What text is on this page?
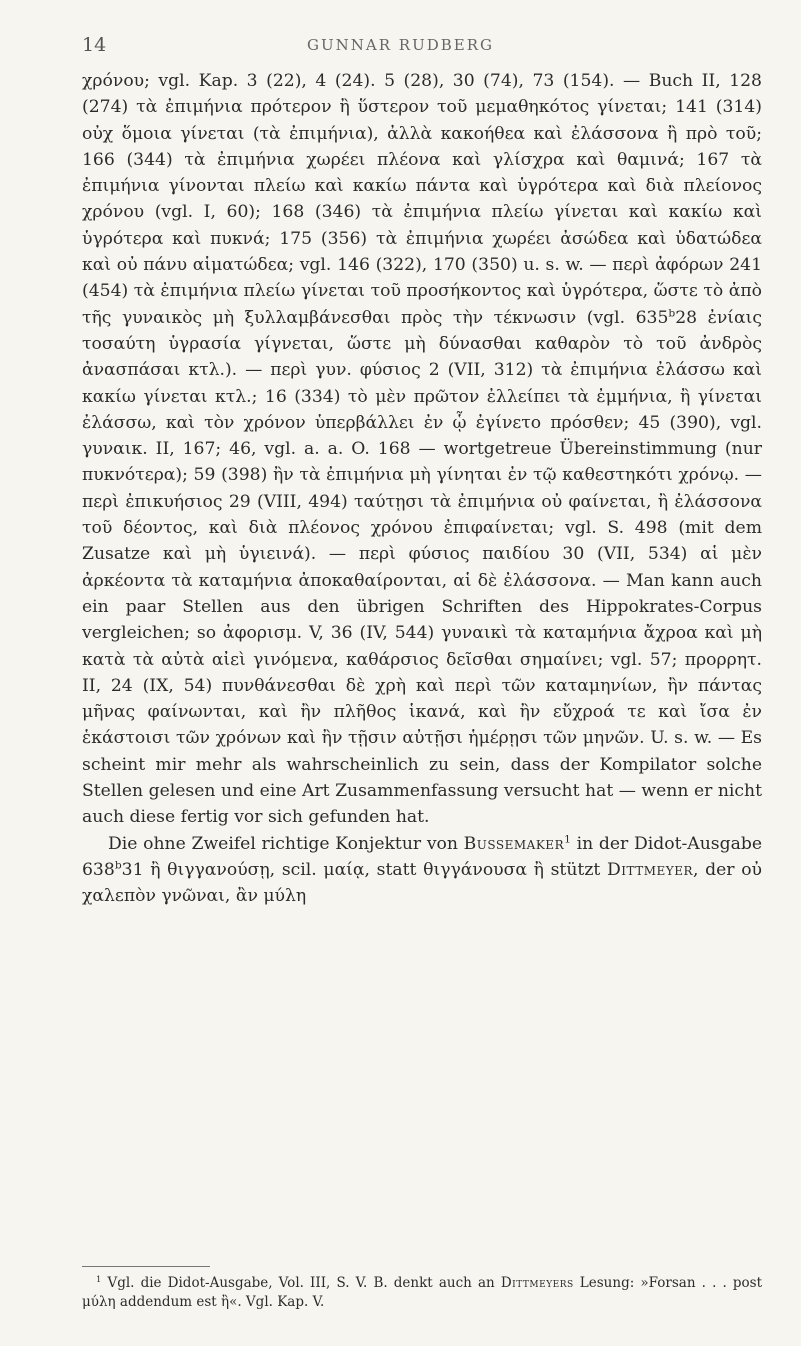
14	GUNNAR RUDBERG

χρόνου; vgl. Kap. 3 (22), 4 (24). 5 (28), 30 (74), 73 (154). — Buch II, 128 (274) τὰ ἐπιμήνια πρότερον ἢ ὕστερον τοῦ μεμαθηκότος γίνεται; 141 (314) οὐχ ὅμοια γίνεται (τὰ ἐπιμήνια), ἀλλὰ κακοήθεα καὶ ἐλάσσονα ἢ πρὸ τοῦ; 166 (344) τὰ ἐπιμήνια χωρέει πλέονα καὶ γλίσχρα καὶ θαμινά; 167 τὰ ἐπιμήνια γίνονται πλείω καὶ κακίω πάντα καὶ ὑγρότερα καὶ διὰ πλείονος χρόνου (vgl. I, 60); 168 (346) τὰ ἐπιμήνια πλείω γίνεται καὶ κακίω καὶ ὑγρότερα καὶ πυκνά; 175 (356) τὰ ἐπιμήνια χωρέει ἀσώδεα καὶ ὑδατώδεα καὶ οὐ πάνυ αἱματώδεα; vgl. 146 (322), 170 (350) u. s. w. — περὶ ἀφόρων 241 (454) τὰ ἐπιμήνια πλείω γίνεται τοῦ προσήκοντος καὶ ὑγρότερα, ὥστε τὸ ἀπὸ τῆς γυναικὸς μὴ ξυλλαμβάνεσθαι πρὸς τὴν τέκνωσιν (vgl. 635$^b$28 ἐνίαις τοσαύτη ὑγρασία γίγνεται, ὥστε μὴ δύνασθαι καθαρὸν τὸ τοῦ ἀνδρὸς ἀνασπάσαι κτλ.). — περὶ γυν. φύσιος 2 (VII, 312) τὰ ἐπιμήνια ἐλάσσω καὶ κακίω γίνεται κτλ.; 16 (334) τὸ μὲν πρῶτον ἐλλείπει τὰ ἐμμήνια, ἢ γίνεται ἐλάσσω, καὶ τὸν χρόνον ὑπερβάλλει ἐν ᾧ ἐγίνετο πρόσθεν; 45 (390), vgl. γυναικ. II, 167; 46, vgl. a. a. O. 168 — wortgetreue Übereinstimmung (nur πυκνότερα); 59 (398) ἢν τὰ ἐπιμήνια μὴ γίνηται ἐν τῷ καθεστηκότι χρόνῳ. — περὶ ἐπικυήσιος 29 (VIII, 494) ταύτῃσι τὰ ἐπιμήνια οὐ φαίνεται, ἢ ἐλάσσονα τοῦ δέοντος, καὶ διὰ πλέονος χρόνου ἐπιφαίνεται; vgl. S. 498 (mit dem Zusatze καὶ μὴ ὑγιεινά). — περὶ φύσιος παιδίου 30 (VII, 534) αἱ μὲν ἀρκέοντα τὰ καταμήνια ἀποκαθαίρονται, αἱ δὲ ἐλάσσονα. — Man kann auch ein paar Stellen aus den übrigen Schriften des Hippokrates-Corpus vergleichen; so ἀφορισμ. V, 36 (IV, 544) γυναικὶ τὰ καταμήνια ἄχροα καὶ μὴ κατὰ τὰ αὐτὰ αἰεὶ γινόμενα, καθάρσιος δεῖσθαι σημαίνει; vgl. 57; προρρητ. II, 24 (IX, 54) πυνθάνεσθαι δὲ χρὴ καὶ περὶ τῶν καταμηνίων, ἢν πάντας μῆνας φαίνωνται, καὶ ἢν πλῆθος ἱκανά, καὶ ἢν εὔχροά τε καὶ ἴσα ἐν ἑκάστοισι τῶν χρόνων καὶ ἢν τῇσιν αὐτῇσι ἡμέρῃσι τῶν μηνῶν. U. s. w. — Es scheint mir mehr als wahrscheinlich zu sein, dass der Kompilator solche Stellen gelesen und eine Art Zusammenfassung versucht hat — wenn er nicht auch diese fertig vor sich gefunden hat.

Die ohne Zweifel richtige Konjektur von Bussemaker$^1$ in der Didot-Ausgabe 638$^b$31 ἢ θιγγανούσῃ, scil. μαίᾳ, statt θιγγάνουσα ἢ stützt Dittmeyer, der οὐ χαλεπὸν γνῶναι, ἂν μύλη

$^1$ Vgl. die Didot-Ausgabe, Vol. III, S. V. B. denkt auch an Dittmeyers Lesung: »Forsan . . . post μύλη addendum est ἢ«. Vgl. Kap. V.
